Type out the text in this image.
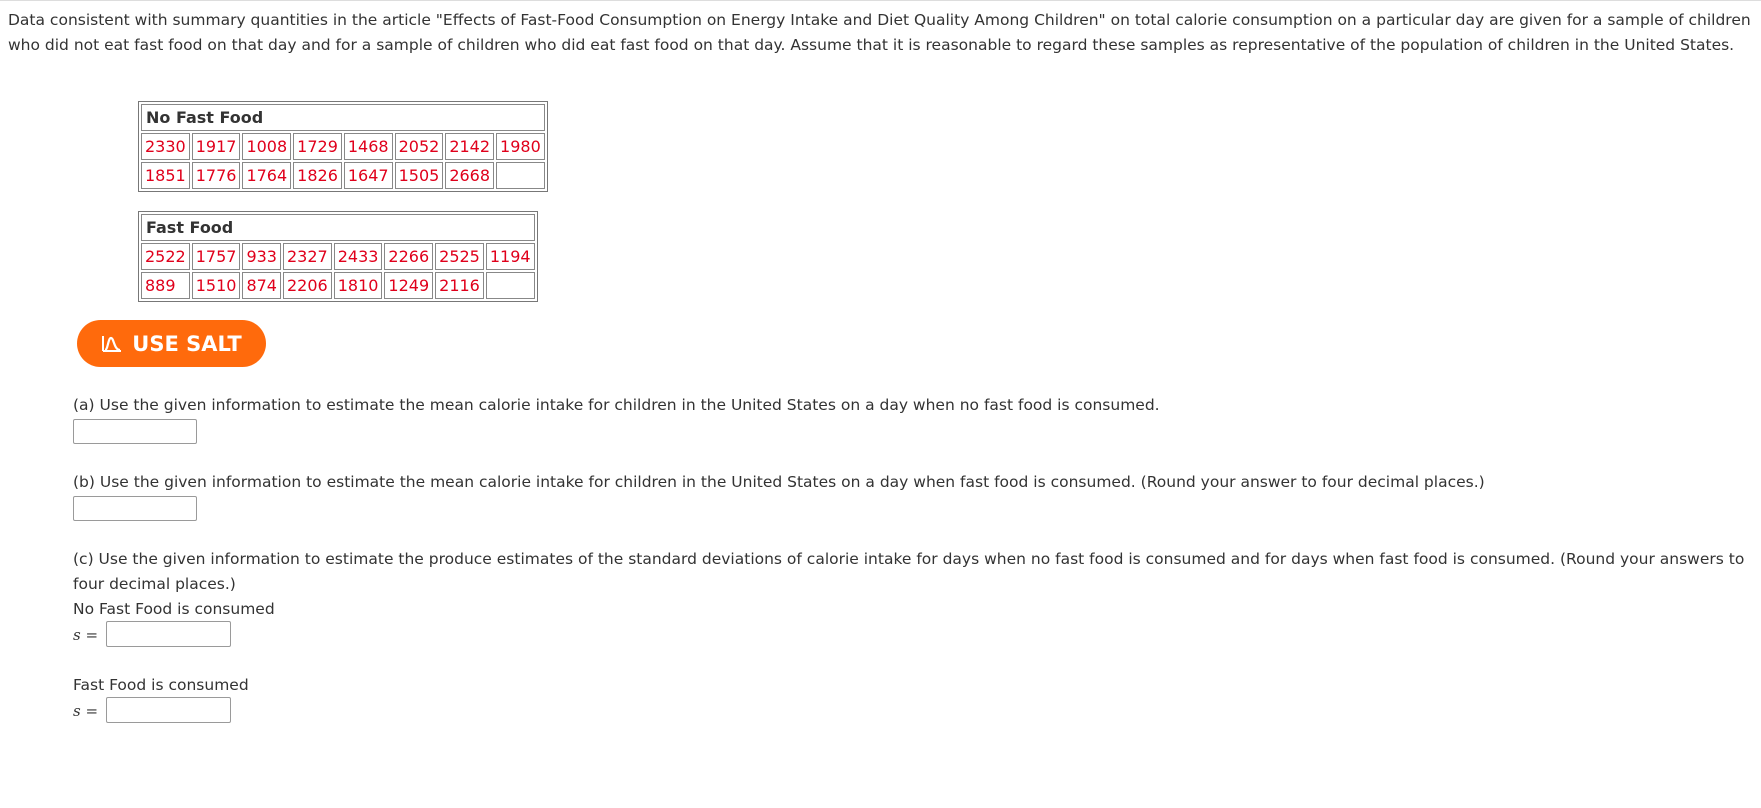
Data consistent with summary quantities in the article "Effects of Fast-Food Consumption on Energy Intake and Diet Quality Among Children" on total calorie consumption on a particular day are given for a sample of children who did not eat fast food on that day and for a sample of children who did eat fast food on that day. Assume that it is reasonable to regard these samples as representative of the population of children in the United States.

No Fast Food							
2330	1917	1008	1729	1468	2052	2142	1980
1851	1776	1764	1826	1647	1505	2668	
Fast Food							
2522	1757	933	2327	2433	2266	2525	1194
889	1510	874	2206	1810	1249	2116	
USE SALT

(a) Use the given information to estimate the mean calorie intake for children in the United States on a day when no fast food is consumed.

(b) Use the given information to estimate the mean calorie intake for children in the United States on a day when fast food is consumed. (Round your answer to four decimal places.)

(c) Use the given information to estimate the produce estimates of the standard deviations of calorie intake for days when no fast food is consumed and for days when fast food is consumed. (Round your answers to four decimal places.)

No Fast Food is consumed
s =
Fast Food is consumed
s =
